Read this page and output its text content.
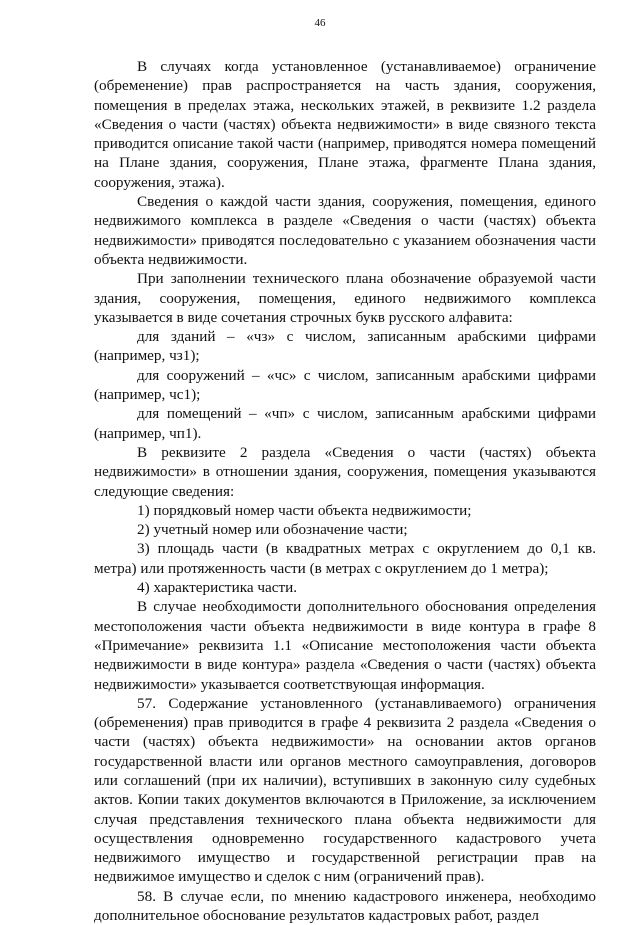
46

В случаях когда установленное (устанавливаемое) ограничение (обременение) прав распространяется на часть здания, сооружения, помещения в пределах этажа, нескольких этажей, в реквизите 1.2 раздела «Сведения о части (частях) объекта недвижимости» в виде связного текста приводится описание такой части (например, приводятся номера помещений на Плане здания, сооружения, Плане этажа, фрагменте Плана здания, сооружения, этажа).

Сведения о каждой части здания, сооружения, помещения, единого недвижимого комплекса в разделе «Сведения о части (частях) объекта недвижимости» приводятся последовательно с указанием обозначения части объекта недвижимости.

При заполнении технического плана обозначение образуемой части здания, сооружения, помещения, единого недвижимого комплекса указывается в виде сочетания строчных букв русского алфавита:

для зданий – «чз» с числом, записанным арабскими цифрами (например, чз1);

для сооружений – «чс» с числом, записанным арабскими цифрами (например, чс1);

для помещений – «чп» с числом, записанным арабскими цифрами (например, чп1).

В реквизите 2 раздела «Сведения о части (частях) объекта недвижимости» в отношении здания, сооружения, помещения указываются следующие сведения:

1) порядковый номер части объекта недвижимости;

2) учетный номер или обозначение части;

3) площадь части (в квадратных метрах с округлением до 0,1 кв. метра) или протяженность части (в метрах с округлением до 1 метра);

4) характеристика части.

В случае необходимости дополнительного обоснования определения местоположения части объекта недвижимости в виде контура в графе 8 «Примечание» реквизита 1.1 «Описание местоположения части объекта недвижимости в виде контура» раздела «Сведения о части (частях) объекта недвижимости» указывается соответствующая информация.

57. Содержание установленного (устанавливаемого) ограничения (обременения) прав приводится в графе 4 реквизита 2 раздела «Сведения о части (частях) объекта недвижимости» на основании актов органов государственной власти или органов местного самоуправления, договоров или соглашений (при их наличии), вступивших в законную силу судебных актов. Копии таких документов включаются в Приложение, за исключением случая представления технического плана объекта недвижимости для осуществления одновременно государственного кадастрового учета недвижимого имущество и государственной регистрации прав на недвижимое имущество и сделок с ним (ограничений прав).

58. В случае если, по мнению кадастрового инженера, необходимо дополнительное обоснование результатов кадастровых работ, раздел
